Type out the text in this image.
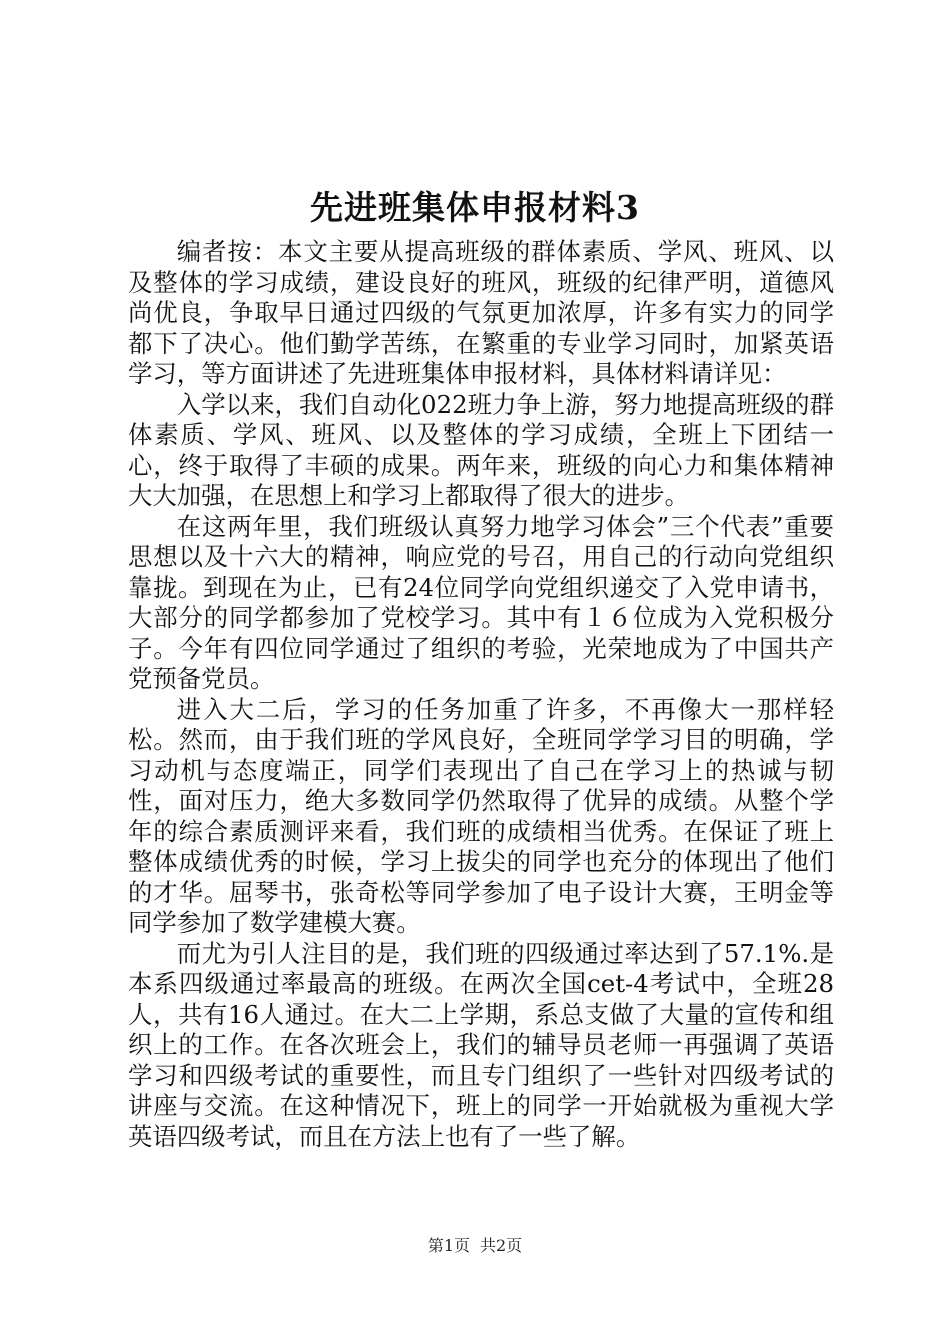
先进班集体申报材料3

编者按：本文主要从提高班级的群体素质、学风、班风、以及整体的学习成绩，建设良好的班风，班级的纪律严明，道德风尚优良，争取早日通过四级的气氛更加浓厚，许多有实力的同学都下了决心。他们勤学苦练，在繁重的专业学习同时，加紧英语学习，等方面讲述了先进班集体申报材料，具体材料请详见：

入学以来，我们自动化022班力争上游，努力地提高班级的群体素质、学风、班风、以及整体的学习成绩，全班上下团结一心，终于取得了丰硕的成果。两年来，班级的向心力和集体精神大大加强，在思想上和学习上都取得了很大的进步。

在这两年里，我们班级认真努力地学习体会”三个代表”重要思想以及十六大的精神，响应党的号召，用自己的行动向党组织靠拢。到现在为止，已有24位同学向党组织递交了入党申请书，大部分的同学都参加了党校学习。其中有１６位成为入党积极分子。今年有四位同学通过了组织的考验，光荣地成为了中国共产党预备党员。

进入大二后，学习的任务加重了许多，不再像大一那样轻松。然而，由于我们班的学风良好，全班同学学习目的明确，学习动机与态度端正，同学们表现出了自己在学习上的热诚与韧性，面对压力，绝大多数同学仍然取得了优异的成绩。从整个学年的综合素质测评来看，我们班的成绩相当优秀。在保证了班上整体成绩优秀的时候，学习上拔尖的同学也充分的体现出了他们的才华。屈琴书，张奇松等同学参加了电子设计大赛，王明金等同学参加了数学建模大赛。

而尤为引人注目的是，我们班的四级通过率达到了57.1%.是本系四级通过率最高的班级。在两次全国cet-4考试中，全班28人，共有16人通过。在大二上学期，系总支做了大量的宣传和组织上的工作。在各次班会上，我们的辅导员老师一再强调了英语学习和四级考试的重要性，而且专门组织了一些针对四级考试的讲座与交流。在这种情况下，班上的同学一开始就极为重视大学英语四级考试，而且在方法上也有了一些了解。

第1页 共2页
